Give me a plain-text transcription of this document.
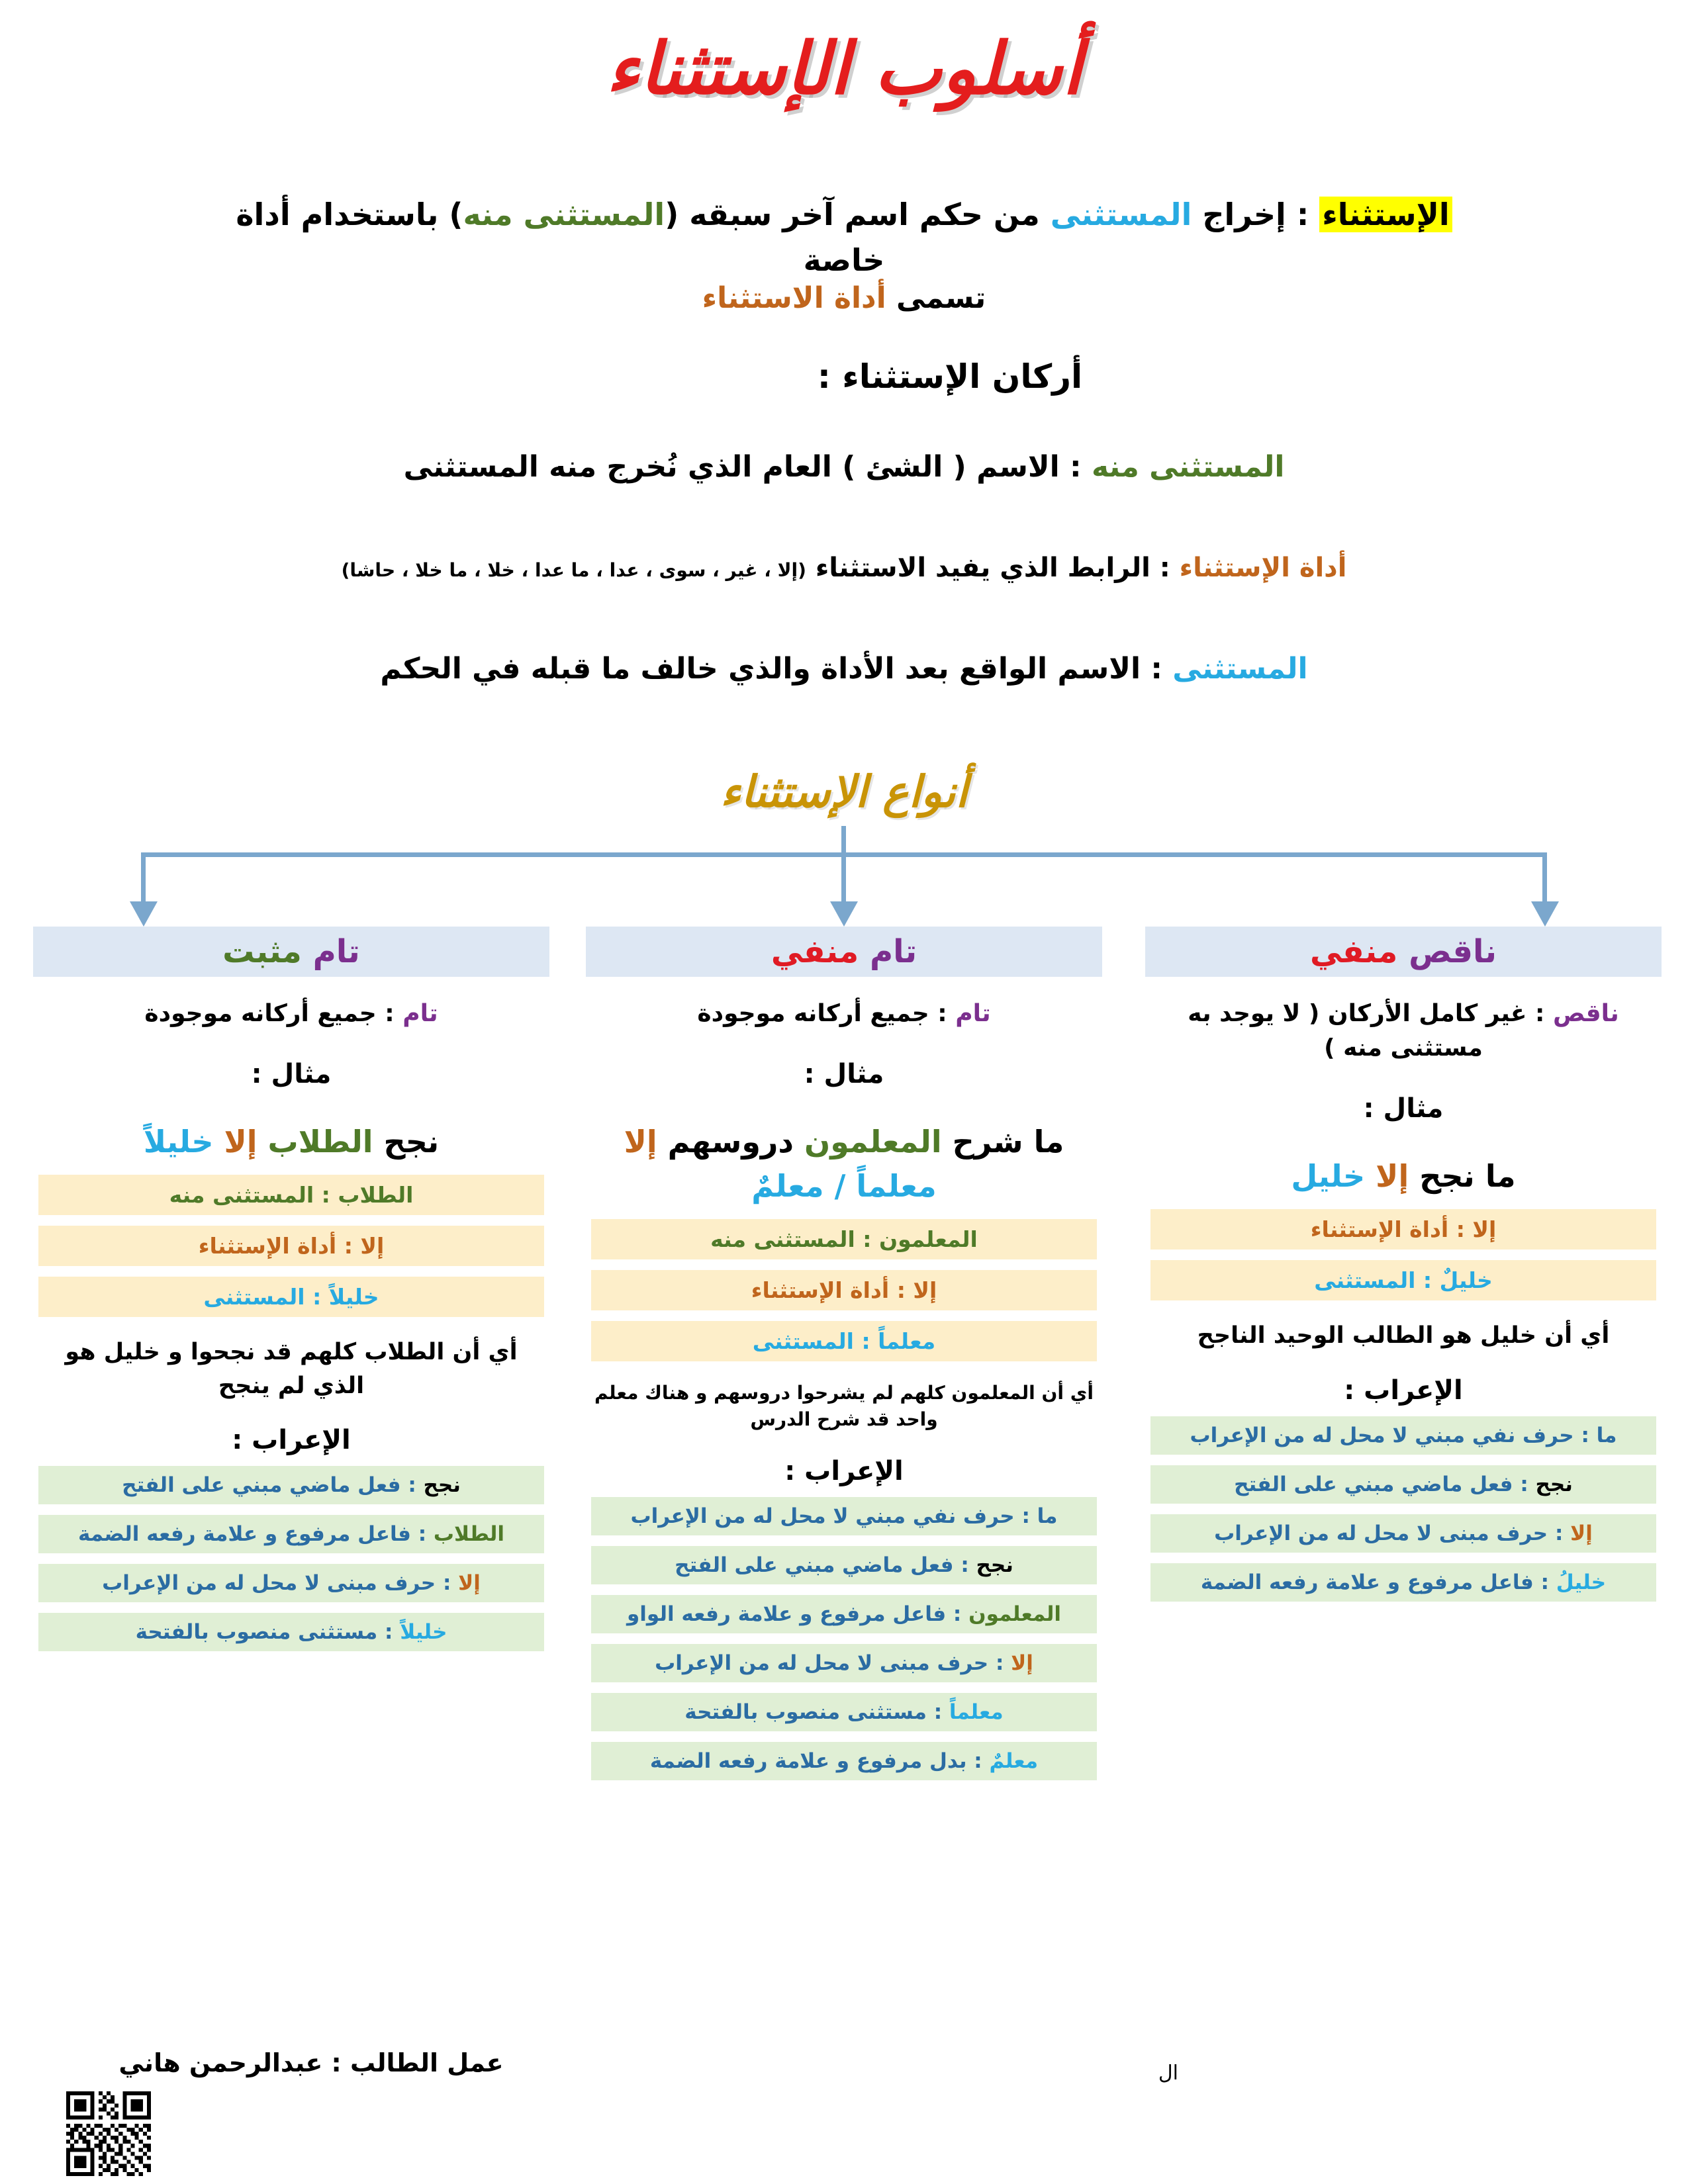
أسلوب الإستثناء
الإستثناء : إخراج المستثنى من حكم اسم آخر سبقه (المستثنى منه) باستخدام أداة خاصة
تسمى أداة الاستثناء
أركان الإستثناء :
المستثنى منه : الاسم ( الشئ ) العام الذي نُخرج منه المستثنى
أداة الإستثناء : الرابط الذي يفيد الاستثناء (إلا ، غير ، سوى ، عدا ، ما عدا ، خلا ، ما خلا ، حاشا)
المستثنى : الاسم الواقع بعد الأداة والذي خالف ما قبله في الحكم
أنواع الإستثناء
تام مثبت
تام : جميع أركانه موجودة
مثال :
نجح الطلاب إلا خليلاً
الطلاب : المستثنى منه
إلا : أداة الإستثناء
خليلاً : المستثنى
أي أن الطلاب كلهم قد نجحوا و خليل هو الذي لم ينجح
الإعراب :
نجح : فعل ماضي مبني على الفتح
الطلاب : فاعل مرفوع و علامة رفعه الضمة
إلا : حرف مبنى لا محل له من الإعراب
خليلاً : مستثنى منصوب بالفتحة
تام منفي
تام : جميع أركانه موجودة
مثال :
ما شرح المعلمون دروسهم إلا
معلماً / معلمٌ
المعلمون : المستثنى منه
إلا : أداة الإستثناء
معلماً : المستثنى
أي أن المعلمون كلهم لم يشرحوا دروسهم و هناك معلم واحد قد شرح الدرس
الإعراب :
ما : حرف نفي مبني لا محل له من الإعراب
نجح : فعل ماضي مبني على الفتح
المعلمون : فاعل مرفوع و علامة رفعه الواو
إلا : حرف مبنى لا محل له من الإعراب
معلماً : مستثنى منصوب بالفتحة
معلمٌ : بدل مرفوع و علامة رفعه الضمة
ناقص منفي
ناقص : غير كامل الأركان ( لا يوجد به مستثنى منه )
مثال :
ما نجح إلا خليل
إلا : أداة الإستثناء
خليلٌ : المستثنى
أي أن خليل هو الطالب الوحيد الناجح
الإعراب :
ما : حرف نفي مبني لا محل له من الإعراب
نجح : فعل ماضي مبني على الفتح
إلا : حرف مبنى لا محل له من الإعراب
خليلُ : فاعل مرفوع و علامة رفعه الضمة
عمل الطالب : عبدالرحمن هاني	ال
